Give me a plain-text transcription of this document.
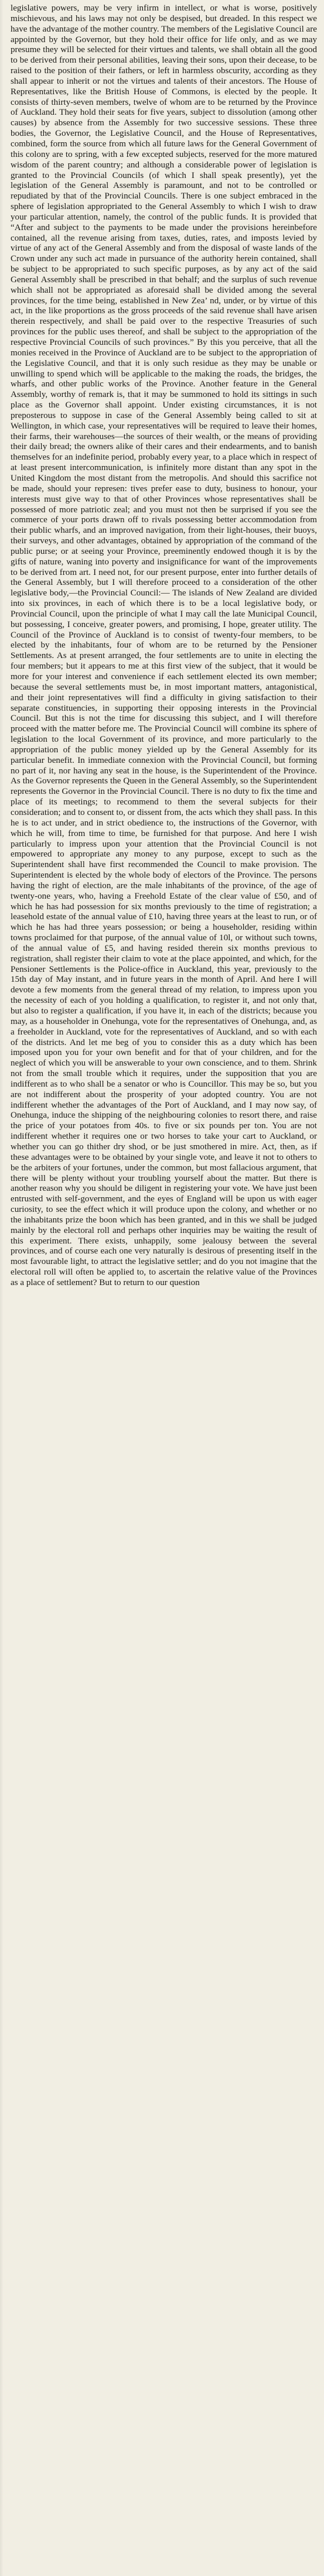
legislative powers, may be very infirm in intellect, or what is worse, positively mischievous, and his laws may not only be despised, but dreaded. In this respect we have the advantage of the mother country. The members of the Legislative Council are appointed by the Governor, but they hold their office for life only, and as we may presume they will be selected for their virtues and talents, we shall obtain all the good to be derived from their personal abilities, leaving their sons, upon their decease, to be raised to the position of their fathers, or left in harmless obscurity, according as they shall appear to inherit or not the virtues and talents of their ancestors. The House of Representatives, like the British House of Commons, is elected by the people. It consists of thirty-seven members, twelve of whom are to be returned by the Province of Auckland. They hold their seats for five years, subject to dissolution (among other causes) by absence from the Assembly for two successive sessions. These three bodies, the Governor, the Legislative Council, and the House of Representatives, combined, form the source from which all future laws for the General Government of this colony are to spring, with a few excepted subjects, reserved for the more matured wisdom of the parent country; and although a considerable power of legislation is granted to the Provincial Councils (of which I shall speak presently), yet the legislation of the General Assembly is paramount, and not to be controlled or repudiated by that of the Provincial Councils. There is one subject embraced in the sphere of legislation appropriated to the General Assembly to which I wish to draw your particular attention, namely, the control of the public funds. It is provided that “After and subject to the payments to be made under the provisions hereinbefore contained, all the revenue arising from taxes, duties, rates, and imposts levied by virtue of any act of the General Assembly and from the disposal of waste lands of the Crown under any such act made in pursuance of the authority herein contained, shall be subject to be appropriated to such specific purposes, as by any act of the said General Assembly shall be prescribed in that behalf; and the surplus of such revenue which shall not be appropriated as aforesaid shall be divided among the several provinces, for the time being, established in New Zea’ nd, under, or by virtue of this act, in the like proportions as the gross proceeds of the said revenue shall have arisen therein respectively, and shall be paid over to the respective Treasuries of such provinces for the public uses thereof, and shall be subject to the appropriation of the respective Provincial Councils of such provinces.” By this you perceive, that all the monies received in the Province of Auckland are to be subject to the appropriation of the Legislative Council, and that it is only such residue as they may be unable or unwilling to spend which will be applicable to the making the roads, the bridges, the wharfs, and other public works of the Province. Another feature in the General Assembly, worthy of remark is, that it may be summoned to hold its sittings in such place as the Governor shall appoint. Under existing circumstances, it is not preposterous to suppose in case of the General Assembly being called to sit at Wellington, in which case, your representatives will be required to leave their homes, their farms, their warehouses—the sources of their wealth, or the means of providing their daily bread; the owners alike of their cares and their endearments, and to banish themselves for an indefinite period, probably every year, to a place which in respect of at least present intercommunication, is infinitely more distant than any spot in the United Kingdom the most distant from the metropolis. And should this sacrifice not be made, should your represen: tives prefer ease to duty, business to honour, your interests must give way to that of other Provinces whose representatives shall be possessed of more patriotic zeal; and you must not then be surprised if you see the commerce of your ports drawn off to rivals possessing better accommodation from their public wharfs, and an improved navigation, from their light-houses, their buoys, their surveys, and other advantages, obtained by appropriation of the command of the public purse; or at seeing your Province, preeminently endowed though it is by the gifts of nature, waning into poverty and insignificance for want of the improvements to be derived from art. I need not, for our present purpose, enter into further details of the General Assembly, but I will therefore proceed to a consideration of the other legislative body,—the Provincial Council:— The islands of New Zealand are divided into six provinces, in each of which there is to be a local legislative body, or Provincial Council, upon the principle of what I may call the late Municipal Council, but possessing, I conceive, greater powers, and promising, I hope, greater utility. The Council of the Province of Auckland is to consist of twenty-four members, to be elected by the inhabitants, four of whom are to be returned by the Pensioner Settlements. As at present arranged, the four settlements are to unite in electing the four members; but it appears to me at this first view of the subject, that it would be more for your interest and convenience if each settlement elected its own member; because the several settlements must be, in most important matters, antagonistical, and their joint representatives will find a difficulty in giving satisfaction to their separate constituencies, in supporting their opposing interests in the Provincial Council. But this is not the time for discussing this subject, and I will therefore proceed with the matter before me. The Provincial Council will combine its sphere of legislation to the local Government of its province, and more particularly to the appropriation of the public money yielded up by the General Assembly for its particular benefit. In immediate connexion with the Provincial Council, but forming no part of it, nor having any seat in the house, is the Superintendent of the Province. As the Governor represents the Queen in the General Assembly, so the Superintendent represents the Governor in the Provincial Council. There is no duty to fix the time and place of its meetings; to recommend to them the several subjects for their consideration; and to consent to, or dissent from, the acts which they shall pass. In this he is to act under, and in strict obedience to, the instructions of the Governor, with which he will, from time to time, be furnished for that purpose. And here I wish particularly to impress upon your attention that the Provincial Council is not empowered to appropriate any money to any purpose, except to such as the Superintendent shall have first recommended the Council to make provision. The Superintendent is elected by the whole body of electors of the Province. The persons having the right of election, are the male inhabitants of the province, of the age of twenty-one years, who, having a Freehold Estate of the clear value of £50, and of which he has had possession for six months previously to the time of registration; a leasehold estate of the annual value of £10, having three years at the least to run, or of which he has had three years possession; or being a householder, residing within towns proclaimed for that purpose, of the annual value of 10l, or without such towns, of the annual value of £5, and having resided therein six months previous to registration, shall register their claim to vote at the place appointed, and which, for the Pensioner Settlements is the Police-office in Auckland, this year, previously to the 15th day of May instant, and in future years in the month of April. And here I will devote a few moments from the general thread of my relation, to impress upon you the necessity of each of you holding a qualification, to register it, and not only that, but also to register a qualification, if you have it, in each of the districts; because you may, as a householder in Onehunga, vote for the representatives of Onehunga, and, as a freeholder in Auckland, vote for the representatives of Auckland, and so with each of the districts. And let me beg of you to consider this as a duty which has been imposed upon you for your own benefit and for that of your children, and for the neglect of which you will be answerable to your own conscience, and to them. Shrink not from the small trouble which it requires, under the supposition that you are indifferent as to who shall be a senator or who is Councillor. This may be so, but you are not indifferent about the prosperity of your adopted country. You are not indifferent whether the advantages of the Port of Auckland, and I may now say, of Onehunga, induce the shipping of the neighbouring colonies to resort there, and raise the price of your potatoes from 40s. to five or six pounds per ton. You are not indifferent whether it requires one or two horses to take your cart to Auckland, or whether you can go thither dry shod, or be just smothered in mire. Act, then, as if these advantages were to be obtained by your single vote, and leave it not to others to be the arbiters of your fortunes, under the common, but most fallacious argument, that there will be plenty without your troubling yourself about the matter. But there is another reason why you should be diligent in registering your vote. We have just been entrusted with self-government, and the eyes of England will be upon us with eager curiosity, to see the effect which it will produce upon the colony, and whether or no the inhabitants prize the boon which has been granted, and in this we shall be judged mainly by the electoral roll and perhaps other inquiries may be waiting the result of this experiment. There exists, unhappily, some jealousy between the several provinces, and of course each one very naturally is desirous of presenting itself in the most favourable light, to attract the legislative settler; and do you not imagine that the electoral roll will often be applied to, to ascertain the relative value of the Provinces as a place of settlement? But to return to our question
